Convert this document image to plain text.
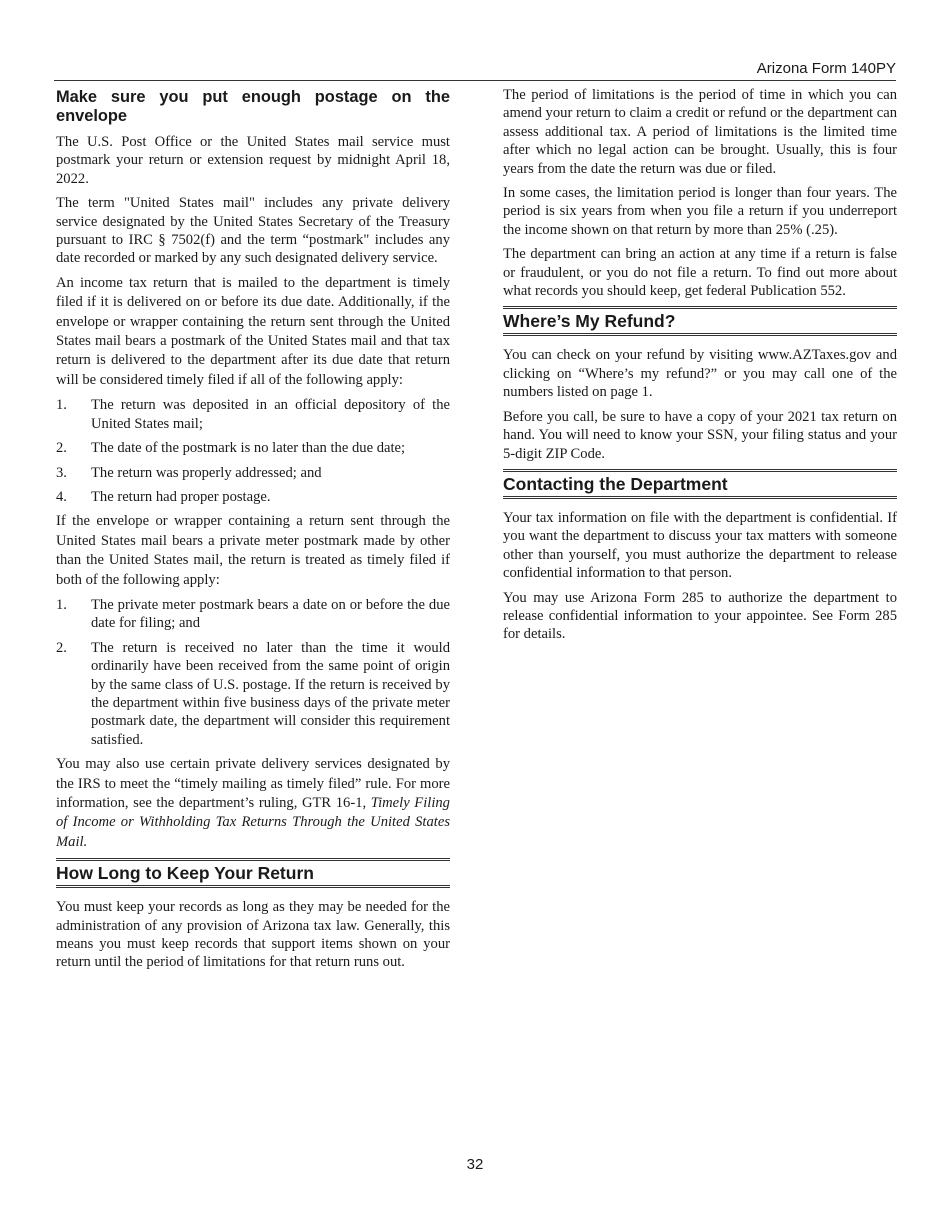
Arizona Form 140PY
Make sure you put enough postage on the envelope

The U.S. Post Office or the United States mail service must postmark your return or extension request by midnight April 18, 2022.

The term "United States mail" includes any private delivery service designated by the United States Secretary of the Treasury pursuant to IRC § 7502(f) and the term “postmark" includes any date recorded or marked by any such designated delivery service.

An income tax return that is mailed to the department is timely filed if it is delivered on or before its due date. Additionally, if the envelope or wrapper containing the return sent through the United States mail bears a postmark of the United States mail and that tax return is delivered to the department after its due date that return will be considered timely filed if all of the following apply:

1. The return was deposited in an official depository of the United States mail;
2. The date of the postmark is no later than the due date;
3. The return was properly addressed; and
4. The return had proper postage.

If the envelope or wrapper containing a return sent through the United States mail bears a private meter postmark made by other than the United States mail, the return is treated as timely filed if both of the following apply:

1. The private meter postmark bears a date on or before the due date for filing; and
2. The return is received no later than the time it would ordinarily have been received from the same point of origin by the same class of U.S. postage. If the return is received by the department within five business days of the private meter postmark date, the department will consider this requirement satisfied.

You may also use certain private delivery services designated by the IRS to meet the “timely mailing as timely filed” rule. For more information, see the department’s ruling, GTR 16-1, Timely Filing of Income or Withholding Tax Returns Through the United States Mail.

How Long to Keep Your Return

You must keep your records as long as they may be needed for the administration of any provision of Arizona tax law. Generally, this means you must keep records that support items shown on your return until the period of limitations for that return runs out.

The period of limitations is the period of time in which you can amend your return to claim a credit or refund or the department can assess additional tax. A period of limitations is the limited time after which no legal action can be brought. Usually, this is four years from the date the return was due or filed.

In some cases, the limitation period is longer than four years. The period is six years from when you file a return if you underreport the income shown on that return by more than 25% (.25).

The department can bring an action at any time if a return is false or fraudulent, or you do not file a return. To find out more about what records you should keep, get federal Publication 552.

Where’s My Refund?

You can check on your refund by visiting www.AZTaxes.gov and clicking on “Where’s my refund?” or you may call one of the numbers listed on page 1.

Before you call, be sure to have a copy of your 2021 tax return on hand. You will need to know your SSN, your filing status and your 5-digit ZIP Code.

Contacting the Department

Your tax information on file with the department is confidential. If you want the department to discuss your tax matters with someone other than yourself, you must authorize the department to release confidential information to that person.

You may use Arizona Form 285 to authorize the department to release confidential information to your appointee. See Form 285 for details.

32
